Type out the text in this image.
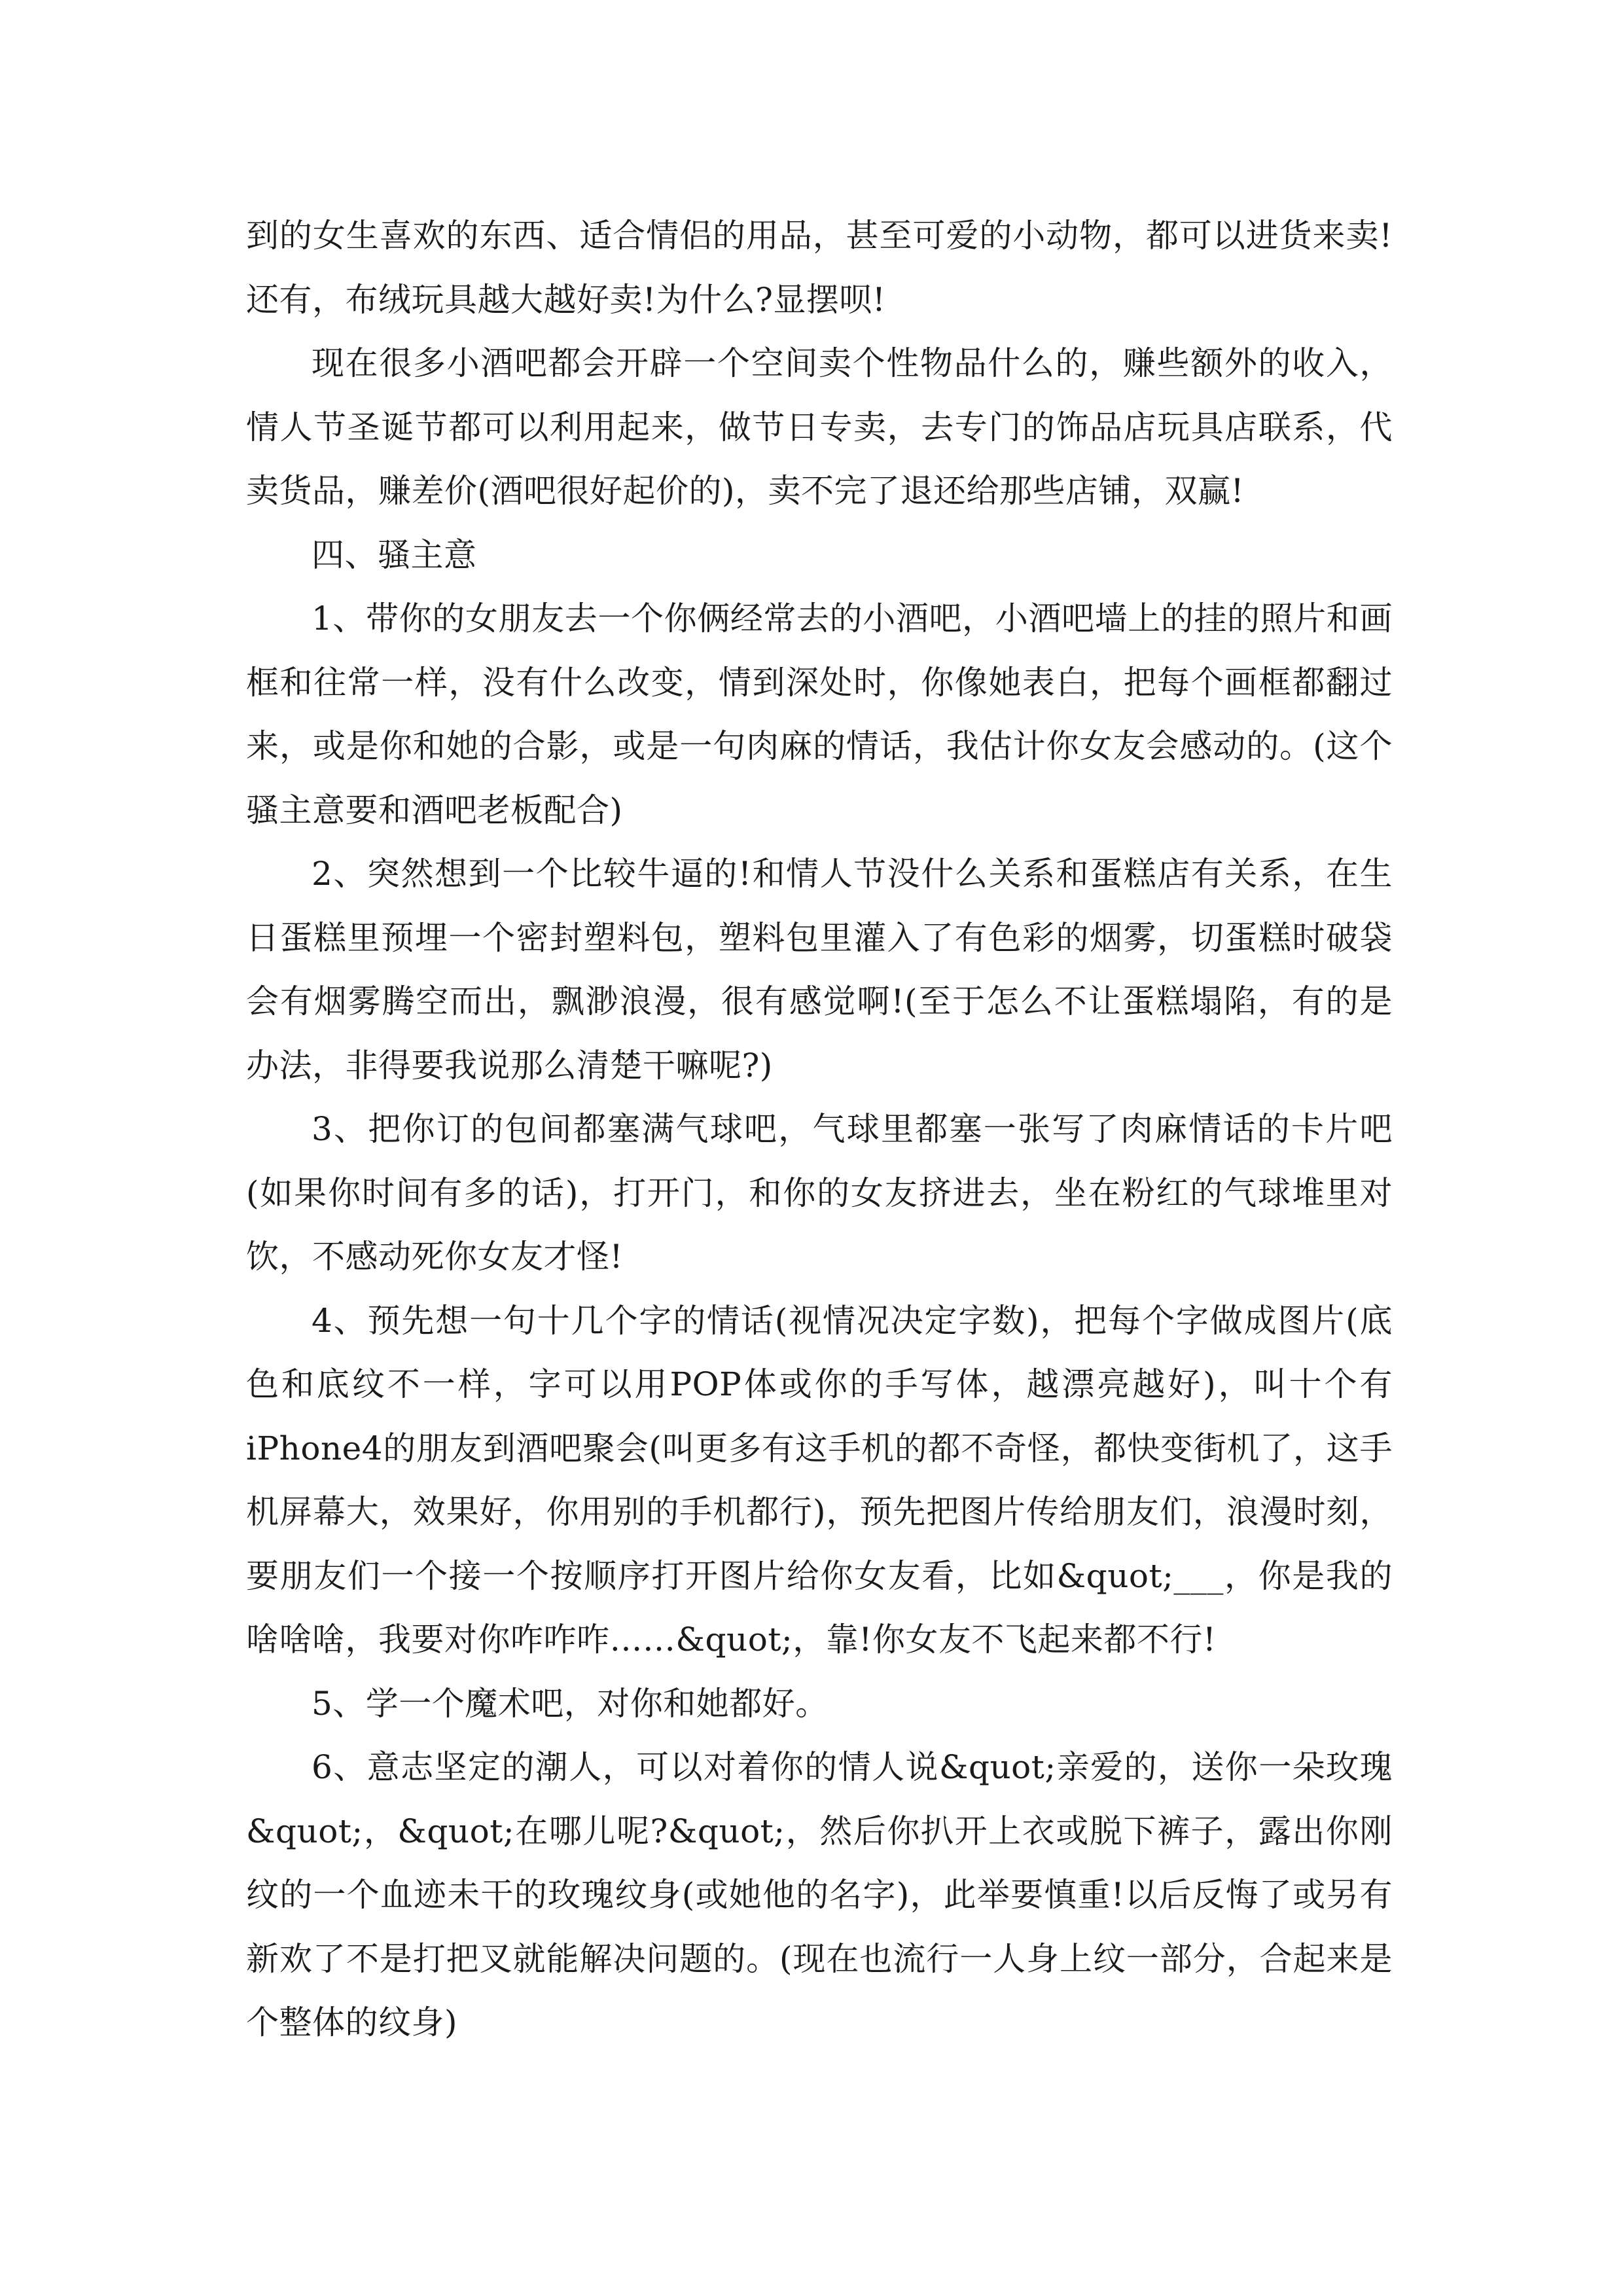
到的女生喜欢的东西、适合情侣的用品，甚至可爱的小动物，都可以进货来卖!还有，布绒玩具越大越好卖!为什么?显摆呗!

现在很多小酒吧都会开辟一个空间卖个性物品什么的，赚些额外的收入，情人节圣诞节都可以利用起来，做节日专卖，去专门的饰品店玩具店联系，代卖货品，赚差价(酒吧很好起价的)，卖不完了退还给那些店铺，双赢!

四、骚主意

1、带你的女朋友去一个你俩经常去的小酒吧，小酒吧墙上的挂的照片和画框和往常一样，没有什么改变，情到深处时，你像她表白，把每个画框都翻过来，或是你和她的合影，或是一句肉麻的情话，我估计你女友会感动的。(这个骚主意要和酒吧老板配合)

2、突然想到一个比较牛逼的!和情人节没什么关系和蛋糕店有关系，在生日蛋糕里预埋一个密封塑料包，塑料包里灌入了有色彩的烟雾，切蛋糕时破袋会有烟雾腾空而出，飘渺浪漫，很有感觉啊!(至于怎么不让蛋糕塌陷，有的是办法，非得要我说那么清楚干嘛呢?)

3、把你订的包间都塞满气球吧，气球里都塞一张写了肉麻情话的卡片吧(如果你时间有多的话)，打开门，和你的女友挤进去，坐在粉红的气球堆里对饮，不感动死你女友才怪!

4、预先想一句十几个字的情话(视情况决定字数)，把每个字做成图片(底色和底纹不一样，字可以用POP体或你的手写体，越漂亮越好)，叫十个有iPhone4的朋友到酒吧聚会(叫更多有这手机的都不奇怪，都快变街机了，这手机屏幕大，效果好，你用别的手机都行)，预先把图片传给朋友们，浪漫时刻，要朋友们一个接一个按顺序打开图片给你女友看，比如&quot;___，你是我的啥啥啥，我要对你咋咋咋……&quot;，靠!你女友不飞起来都不行!

5、学一个魔术吧，对你和她都好。

6、意志坚定的潮人，可以对着你的情人说&quot;亲爱的，送你一朵玫瑰&quot;，&quot;在哪儿呢?&quot;，然后你扒开上衣或脱下裤子，露出你刚纹的一个血迹未干的玫瑰纹身(或她他的名字)，此举要慎重!以后反悔了或另有新欢了不是打把叉就能解决问题的。(现在也流行一人身上纹一部分，合起来是个整体的纹身)
